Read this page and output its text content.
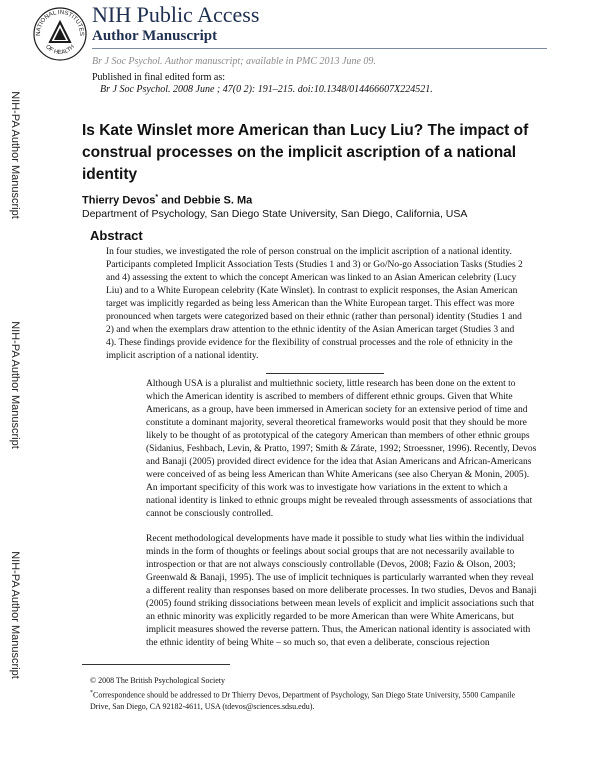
NIH-PA Author Manuscript
NIH-PA Author Manuscript
NIH-PA Author Manuscript
NATIONAL INSTITUTES
OF HEALTH
NIH Public Access
Author Manuscript
Br J Soc Psychol. Author manuscript; available in PMC 2013 June 09.
Published in final edited form as:
Br J Soc Psychol. 2008 June ; 47(0 2): 191–215. doi:10.1348/014466607X224521.
Is Kate Winslet more American than Lucy Liu? The impact of construal processes on the implicit ascription of a national identity
Thierry Devos* and Debbie S. Ma
Department of Psychology, San Diego State University, San Diego, California, USA
Abstract
In four studies, we investigated the role of person construal on the implicit ascription of a national identity. Participants completed Implicit Association Tests (Studies 1 and 3) or Go/No-go Association Tasks (Studies 2 and 4) assessing the extent to which the concept American was linked to an Asian American celebrity (Lucy Liu) and to a White European celebrity (Kate Winslet). In contrast to explicit responses, the Asian American target was implicitly regarded as being less American than the White European target. This effect was more pronounced when targets were categorized based on their ethnic (rather than personal) identity (Studies 1 and 2) and when the exemplars draw attention to the ethnic identity of the Asian American target (Studies 3 and 4). These findings provide evidence for the flexibility of construal processes and the role of ethnicity in the implicit ascription of a national identity.
Although USA is a pluralist and multiethnic society, little research has been done on the extent to which the American identity is ascribed to members of different ethnic groups. Given that White Americans, as a group, have been immersed in American society for an extensive period of time and constitute a dominant majority, several theoretical frameworks would posit that they should be more likely to be thought of as prototypical of the category American than members of other ethnic groups (Sidanius, Feshbach, Levin, & Pratto, 1997; Smith & Zárate, 1992; Stroessner, 1996). Recently, Devos and Banaji (2005) provided direct evidence for the idea that Asian Americans and African-Americans were conceived of as being less American than White Americans (see also Cheryan & Monin, 2005). An important specificity of this work was to investigate how variations in the extent to which a national identity is linked to ethnic groups might be revealed through assessments of associations that cannot be consciously controlled.
Recent methodological developments have made it possible to study what lies within the individual minds in the form of thoughts or feelings about social groups that are not necessarily available to introspection or that are not always consciously controllable (Devos, 2008; Fazio & Olson, 2003; Greenwald & Banaji, 1995). The use of implicit techniques is particularly warranted when they reveal a different reality than responses based on more deliberate processes. In two studies, Devos and Banaji (2005) found striking dissociations between mean levels of explicit and implicit associations such that an ethnic minority was explicitly regarded to be more American than were White Americans, but implicit measures showed the reverse pattern. Thus, the American national identity is associated with the ethnic identity of being White – so much so, that even a deliberate, conscious rejection
© 2008 The British Psychological Society
*Correspondence should be addressed to Dr Thierry Devos, Department of Psychology, San Diego State University, 5500 Campanile Drive, San Diego, CA 92182-4611, USA (tdevos@sciences.sdsu.edu).
